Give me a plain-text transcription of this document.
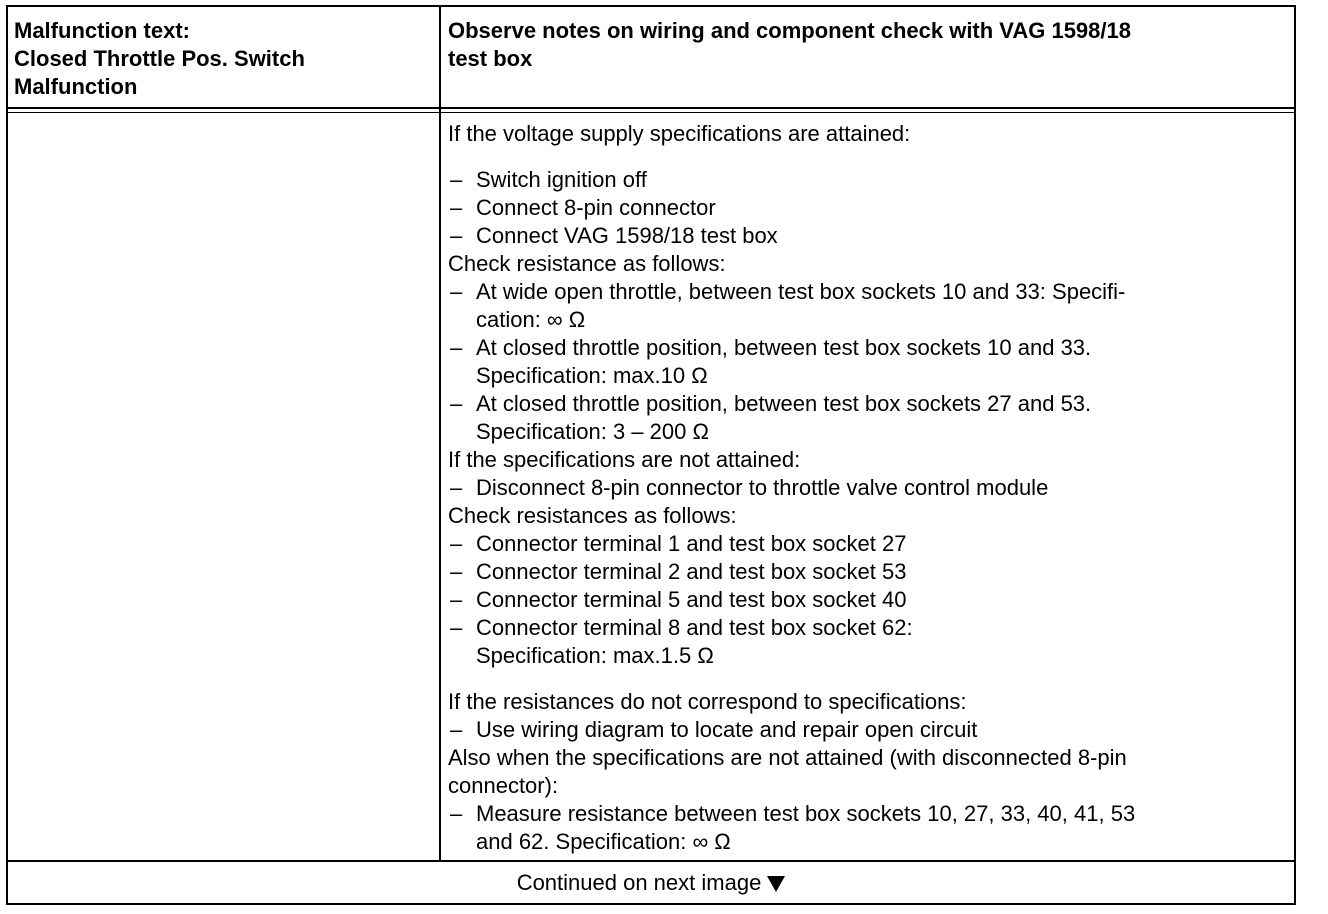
Malfunction text:
Closed Throttle Pos. Switch
Malfunction
Observe notes on wiring and component check with VAG 1598/18
test box
If the voltage supply specifications are attained:
– Switch ignition off
– Connect 8-pin connector
– Connect VAG 1598/18 test box
Check resistance as follows:
– At wide open throttle, between test box sockets 10 and 33: Specifi-
cation: ∞ Ω
– At closed throttle position, between test box sockets 10 and 33.
Specification: max.10 Ω
– At closed throttle position, between test box sockets 27 and 53.
Specification: 3 – 200 Ω
If the specifications are not attained:
– Disconnect 8-pin connector to throttle valve control module
Check resistances as follows:
– Connector terminal 1 and test box socket 27
– Connector terminal 2 and test box socket 53
– Connector terminal 5 and test box socket 40
– Connector terminal 8 and test box socket 62:
Specification: max.1.5 Ω
If the resistances do not correspond to specifications:
– Use wiring diagram to locate and repair open circuit
Also when the specifications are not attained (with disconnected 8-pin
connector):
– Measure resistance between test box sockets 10, 27, 33, 40, 41, 53
and 62. Specification: ∞ Ω
Continued on next image
